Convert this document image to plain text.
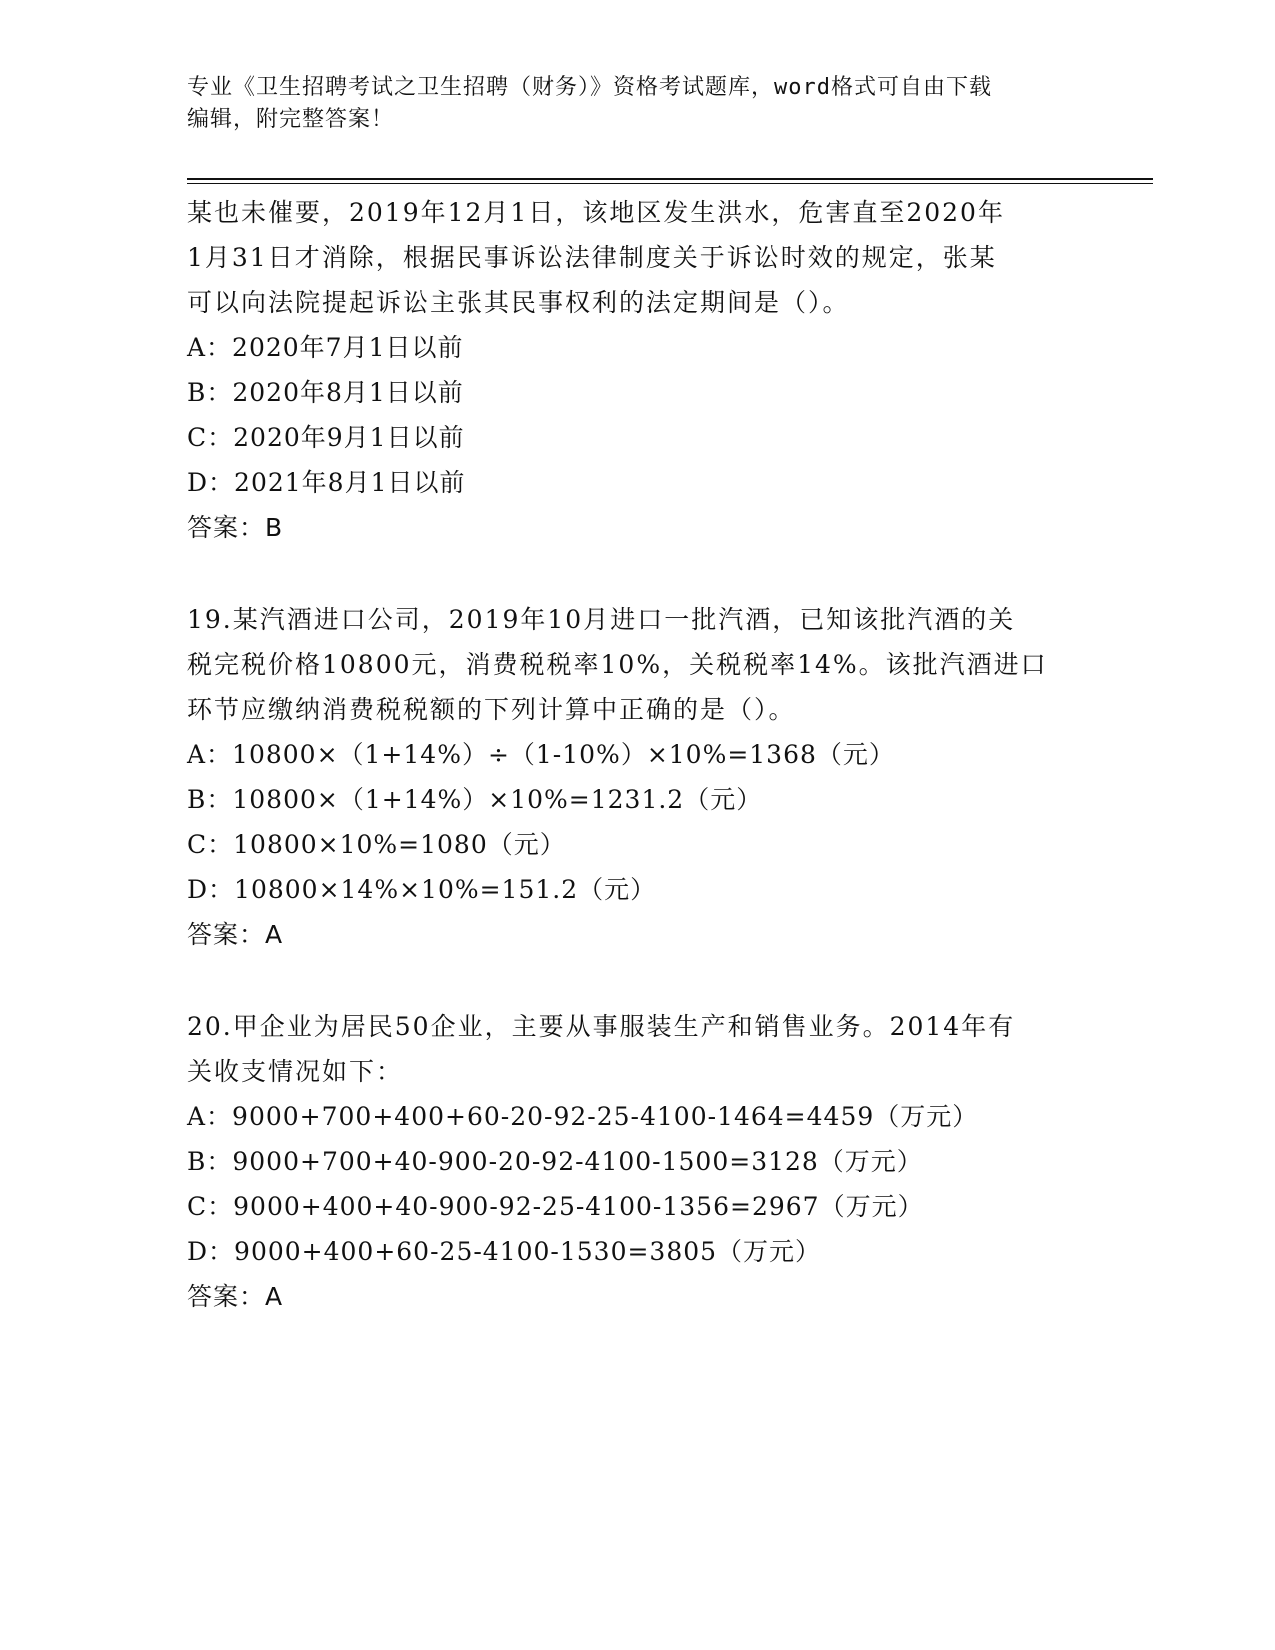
专业《卫生招聘考试之卫生招聘（财务）》资格考试题库，word格式可自由下载
编辑，附完整答案！

某也未催要，2019年12月1日，该地区发生洪水，危害直至2020年

1月31日才消除，根据民事诉讼法律制度关于诉讼时效的规定，张某

可以向法院提起诉讼主张其民事权利的法定期间是（）。

A：2020年7月1日以前

B：2020年8月1日以前

C：2020年9月1日以前

D：2021年8月1日以前

答案：B

19.某汽酒进口公司，2019年10月进口一批汽酒，已知该批汽酒的关

税完税价格10800元，消费税税率10%，关税税率14%。该批汽酒进口

环节应缴纳消费税税额的下列计算中正确的是（）。

A：10800×（1+14%）÷（1-10%）×10%=1368（元）

B：10800×（1+14%）×10%=1231.2（元）

C：10800×10%=1080（元）

D：10800×14%×10%=151.2（元）

答案：A

20.甲企业为居民50企业，主要从事服装生产和销售业务。2014年有

关收支情况如下：

A：9000+700+400+60-20-92-25-4100-1464=4459（万元）

B：9000+700+40-900-20-92-4100-1500=3128（万元）

C：9000+400+40-900-92-25-4100-1356=2967（万元）

D：9000+400+60-25-4100-1530=3805（万元）

答案：A
